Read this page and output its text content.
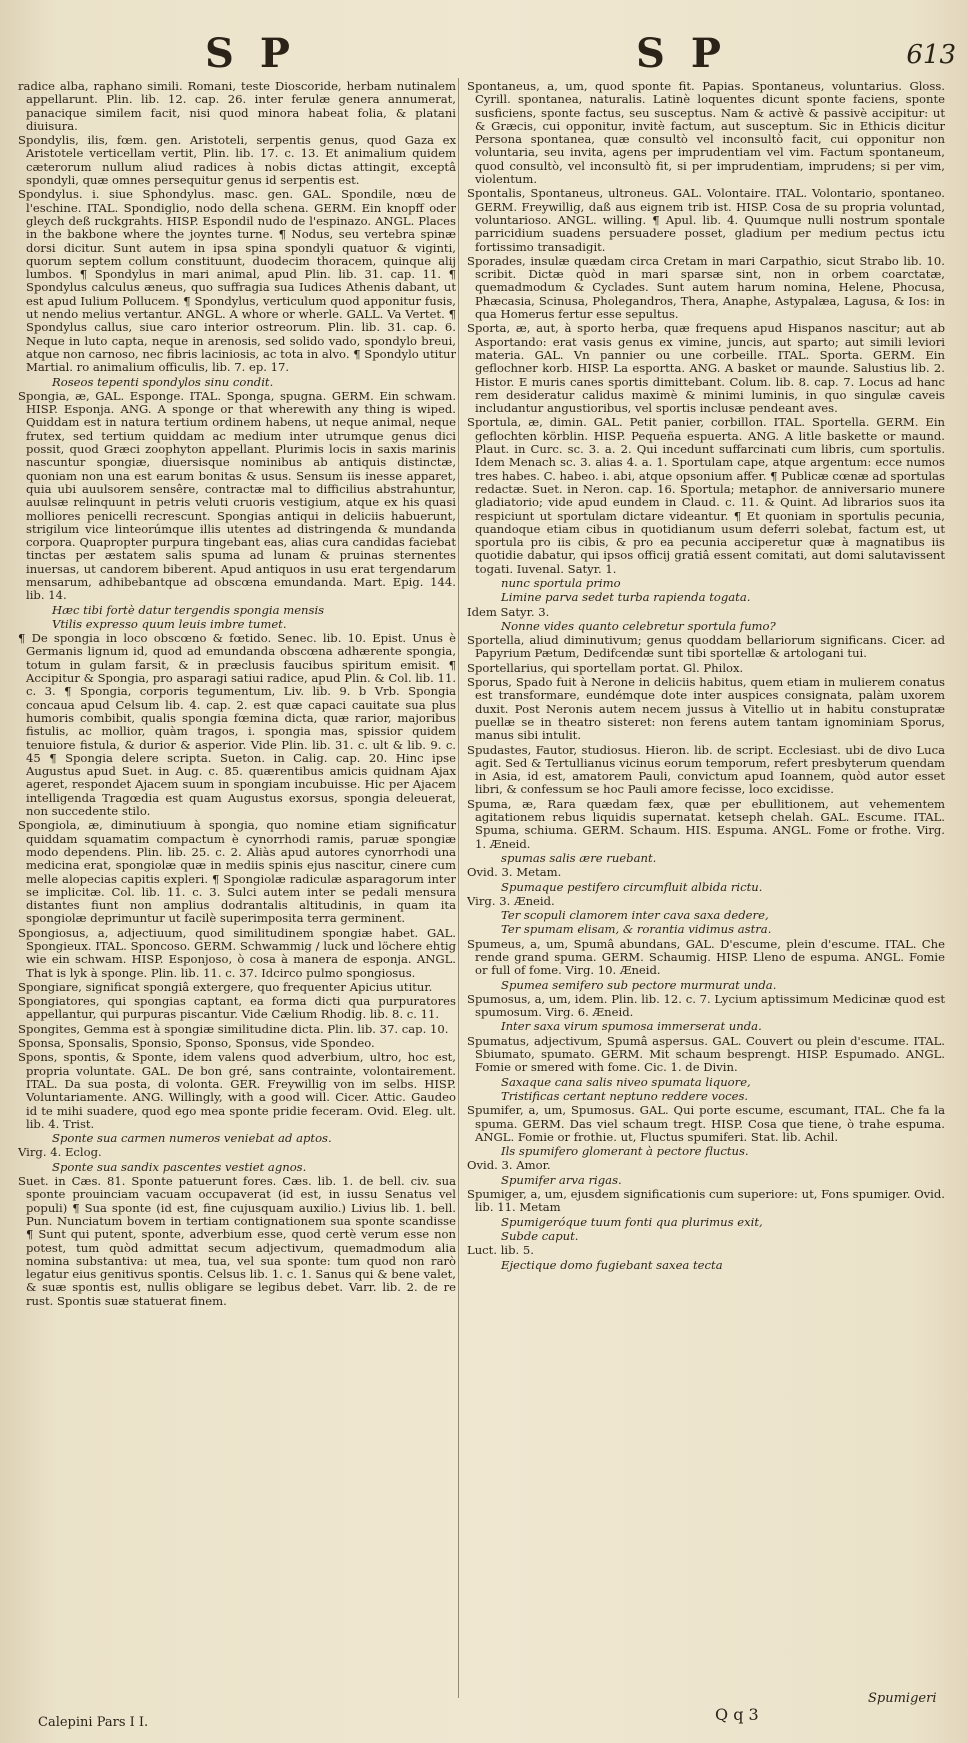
S P	S P	613
radice alba, raphano simili. Romani, teste Dioscoride, herbam nutinalem appellarunt. Plin. lib. 12. cap. 26. inter ferulæ genera annumerat, panacique similem facit, nisi quod minora habeat folia, & platani diuisura.
Spondylis, ilis, fœm. gen. Aristoteli, serpentis genus, quod Gaza ex Aristotele verticellam vertit, Plin. lib. 17. c. 13. Et animalium quidem cæterorum nullum aliud radices à nobis dictas attingit, exceptâ spondyli, quæ omnes persequitur genus id serpentis est.
Spondylus. i. siue Sphondylus. masc. gen. GAL. Spondile, nœu de l'eschine. ITAL. Spondiglio, nodo della schena. GERM. Ein knopff oder gleych deß ruckgrahts. HISP. Espondil nudo de l'espinazo. ANGL. Places in the bakbone where the joyntes turne. ¶ Nodus, seu vertebra spinæ dorsi dicitur. Sunt autem in ipsa spina spondyli quatuor & viginti, quorum septem collum constituunt, duodecim thoracem, quinque alij lumbos. ¶ Spondylus in mari animal, apud Plin. lib. 31. cap. 11. ¶ Spondylus calculus æneus, quo suffragia sua Iudices Athenis dabant, ut est apud Iulium Pollucem. ¶ Spondylus, verticulum quod apponitur fusis, ut nendo melius vertantur. ANGL. A whore or wherle. GALL. Va Vertet. ¶ Spondylus callus, siue caro interior ostreorum. Plin. lib. 31. cap. 6. Neque in luto capta, neque in arenosis, sed solido vado, spondylo breui, atque non carnoso, nec fibris laciniosis, ac tota in alvo. ¶ Spondylo utitur Martial. ro animalium officulis, lib. 7. ep. 17.
Roseos tepenti spondylos sinu condit.
Spongia, æ, GAL. Esponge. ITAL. Sponga, spugna. GERM. Ein schwam. HISP. Esponja. ANG. A sponge or that wherewith any thing is wiped. Quiddam est in natura tertium ordinem habens, ut neque animal, neque frutex, sed tertium quiddam ac medium inter utrumque genus dici possit, quod Græci zoophyton appellant. Plurimis locis in saxis marinis nascuntur spongiæ, diuersisque nominibus ab antiquis distinctæ, quoniam non una est earum bonitas & usus. Sensum iis inesse apparet, quia ubi auulsorem sensêre, contractæ mal to difficilius abstrahuntur, auulsæ relinquunt in petris veluti cruoris vestigium, atque ex his quasi molliores penicelli recrescunt. Spongias antiqui in deliciis habuerunt, strigilum vice linteorúmque illis utentes ad distringenda & mundanda corpora. Quapropter purpura tingebant eas, alias cura candidas faciebat tinctas per æstatem salis spuma ad lunam & pruinas sternentes inuersas, ut candorem biberent. Apud antiquos in usu erat tergendarum mensarum, adhibebantque ad obscœna emundanda. Mart. Epig. 144. lib. 14.
Hæc tibi fortè datur tergendis spongia mensis
Vtilis expresso quum leuis imbre tumet.
¶ De spongia in loco obscœno & fœtido. Senec. lib. 10. Epist. Unus è Germanis lignum id, quod ad emundanda obscœna adhærente spongia, totum in gulam farsit, & in præclusis faucibus spiritum emisit. ¶ Accipitur & Spongia, pro asparagi satiui radice, apud Plin. & Col. lib. 11. c. 3. ¶ Spongia, corporis tegumentum, Liv. lib. 9. b Vrb. Spongia concaua apud Celsum lib. 4. cap. 2. est quæ capaci cauitate sua plus humoris combibit, qualis spongia fœmina dicta, quæ rarior, majoribus fistulis, ac mollior, quàm tragos, i. spongia mas, spissior quidem tenuiore fistula, & durior & asperior. Vide Plin. lib. 31. c. ult & lib. 9. c. 45 ¶ Spongia delere scripta. Sueton. in Calig. cap. 20. Hinc ipse Augustus apud Suet. in Aug. c. 85. quærentibus amicis quidnam Ajax ageret, respondet Ajacem suum in spongiam incubuisse. Hic per Ajacem intelligenda Tragœdia est quam Augustus exorsus, spongia deleuerat, non succedente stilo.
Spongiola, æ, diminutiuum à spongia, quo nomine etiam significatur quiddam squamatim compactum è cynorrhodi ramis, paruæ spongiæ modo dependens. Plin. lib. 25. c. 2. Aliàs apud autores cynorrhodi una medicina erat, spongiolæ quæ in mediis spinis ejus nascitur, cinere cum melle alopecias capitis expleri. ¶ Spongiolæ radiculæ asparagorum inter se implicitæ. Col. lib. 11. c. 3. Sulci autem inter se pedali mensura distantes fiunt non amplius dodrantalis altitudinis, in quam ita spongiolæ deprimuntur ut facilè superimposita terra germinent.
Spongiosus, a, adjectiuum, quod similitudinem spongiæ habet. GAL. Spongieux. ITAL. Sponcoso. GERM. Schwammig / luck und löchere ehtig wie ein schwam. HISP. Esponjoso, ò cosa à manera de esponja. ANGL. That is lyk à sponge. Plin. lib. 11. c. 37. Idcirco pulmo spongiosus.
Spongiare, significat spongiâ extergere, quo frequenter Apicius utitur.
Spongiatores, qui spongias captant, ea forma dicti qua purpuratores appellantur, qui purpuras piscantur. Vide Cælium Rhodig. lib. 8. c. 11.
Spongites, Gemma est à spongiæ similitudine dicta. Plin. lib. 37. cap. 10.
Sponsa, Sponsalis, Sponsio, Sponso, Sponsus, vide Spondeo.
Spons, spontis, & Sponte, idem valens quod adverbium, ultro, hoc est, propria voluntate. GAL. De bon gré, sans contrainte, volontairement. ITAL. Da sua posta, di volonta. GER. Freywillig von im selbs. HISP. Voluntariamente. ANG. Willingly, with a good will. Cicer. Attic. Gaudeo id te mihi suadere, quod ego mea sponte pridie feceram. Ovid. Eleg. ult. lib. 4. Trist.
Sponte sua carmen numeros veniebat ad aptos.
Virg. 4. Eclog.
Sponte sua sandix pascentes vestiet agnos.
Suet. in Cæs. 81. Sponte patuerunt fores. Cæs. lib. 1. de bell. civ. sua sponte prouinciam vacuam occupaverat (id est, in iussu Senatus vel populi) ¶ Sua sponte (id est, fine cujusquam auxilio.) Livius lib. 1. bell. Pun. Nunciatum bovem in tertiam contignationem sua sponte scandisse ¶ Sunt qui putent, sponte, adverbium esse, quod certè verum esse non potest, tum quòd admittat secum adjectivum, quemadmodum alia nomina substantiva: ut mea, tua, vel sua sponte: tum quod non rarò legatur eius genitivus spontis. Celsus lib. 1. c. 1. Sanus qui & bene valet, & suæ spontis est, nullis obligare se legibus debet. Varr. lib. 2. de re rust. Spontis suæ statuerat finem.
Spontaneus, a, um, quod sponte fit. Papias. Spontaneus, voluntarius. Gloss. Cyrill. spontanea, naturalis. Latinè loquentes dicunt sponte faciens, sponte susficiens, sponte factus, seu susceptus. Nam & activè & passivè accipitur: ut & Græcis, cui opponitur, invitè factum, aut susceptum. Sic in Ethicis dicitur Persona spontanea, quæ consultò vel inconsultò facit, cui opponitur non voluntaria, seu invita, agens per imprudentiam vel vim. Factum spontaneum, quod consultò, vel inconsultò fit, si per imprudentiam, imprudens; si per vim, violentum.
Spontalis, Spontaneus, ultroneus. GAL. Volontaire. ITAL. Volontario, spontaneo. GERM. Freywillig, daß aus eignem trib ist. HISP. Cosa de su propria voluntad, voluntarioso. ANGL. willing. ¶ Apul. lib. 4. Quumque nulli nostrum spontale parricidium suadens persuadere posset, gladium per medium pectus ictu fortissimo transadigit.
Sporades, insulæ quædam circa Cretam in mari Carpathio, sicut Strabo lib. 10. scribit. Dictæ quòd in mari sparsæ sint, non in orbem coarctatæ, quemadmodum & Cyclades. Sunt autem harum nomina, Helene, Phocusa, Phæcasia, Scinusa, Pholegandros, Thera, Anaphe, Astypalæa, Lagusa, & Ios: in qua Homerus fertur esse sepultus.
Sporta, æ, aut, à sporto herba, quæ frequens apud Hispanos nascitur; aut ab Asportando: erat vasis genus ex vimine, juncis, aut sparto; aut simili leviori materia. GAL. Vn pannier ou une corbeille. ITAL. Sporta. GERM. Ein geflochner korb. HISP. La esportta. ANG. A basket or maunde. Salustius lib. 2. Histor. E muris canes sportis dimittebant. Colum. lib. 8. cap. 7. Locus ad hanc rem desideratur calidus maximè & minimi luminis, in quo singulæ caveis includantur angustioribus, vel sportis inclusæ pendeant aves.
Sportula, æ, dimin. GAL. Petit panier, corbillon. ITAL. Sportella. GERM. Ein geflochten körblin. HISP. Pequeña espuerta. ANG. A litle baskette or maund. Plaut. in Curc. sc. 3. a. 2. Qui incedunt suffarcinati cum libris, cum sportulis. Idem Menach sc. 3. alias 4. a. 1. Sportulam cape, atque argentum: ecce numos tres habes. C. habeo. i. abi, atque opsonium affer. ¶ Publicæ cœnæ ad sportulas redactæ. Suet. in Neron. cap. 16. Sportula; metaphor. de anniversario munere gladiatorio; vide apud eundem in Claud. c. 11. & Quint. Ad librarios suos ita respiciunt ut sportulam dictare videantur. ¶ Et quoniam in sportulis pecunia, quandoque etiam cibus in quotidianum usum deferri solebat, factum est, ut sportula pro iis cibis, & pro ea pecunia acciperetur quæ à magnatibus iis quotidie dabatur, qui ipsos officij gratiâ essent comitati, aut domi salutavissent togati. Iuvenal. Satyr. 1.
nunc sportula primo
Limine parva sedet turba rapienda togata.
Idem Satyr. 3.
Nonne vides quanto celebretur sportula fumo?
Sportella, aliud diminutivum; genus quoddam bellariorum significans. Cicer. ad Papyrium Pætum, Dedifcendæ sunt tibi sportellæ & artologani tui.
Sportellarius, qui sportellam portat. Gl. Philox.
Sporus, Spado fuit à Nerone in deliciis habitus, quem etiam in mulierem conatus est transformare, eundémque dote inter auspices consignata, palàm uxorem duxit. Post Neronis autem necem jussus à Vitellio ut in habitu constupratæ puellæ se in theatro sisteret: non ferens autem tantam ignominiam Sporus, manus sibi intulit.
Spudastes, Fautor, studiosus. Hieron. lib. de script. Ecclesiast. ubi de divo Luca agit. Sed & Tertullianus vicinus eorum temporum, refert presbyterum quendam in Asia, id est, amatorem Pauli, convictum apud Ioannem, quòd autor esset libri, & confessum se hoc Pauli amore fecisse, loco excidisse.
Spuma, æ, Rara quædam fæx, quæ per ebullitionem, aut vehementem agitationem rebus liquidis supernatat. ketseph chelah. GAL. Escume. ITAL. Spuma, schiuma. GERM. Schaum. HIS. Espuma. ANGL. Fome or frothe. Virg. 1. Æneid.
spumas salis ære ruebant.
Ovid. 3. Metam.
Spumaque pestifero circumfluit albida rictu.
Virg. 3. Æneid.
Ter scopuli clamorem inter cava saxa dedere,
Ter spumam elisam, & rorantia vidimus astra.
Spumeus, a, um, Spumâ abundans, GAL. D'escume, plein d'escume. ITAL. Che rende grand spuma. GERM. Schaumig. HISP. Lleno de espuma. ANGL. Fomie or full of fome. Virg. 10. Æneid.
Spumea semifero sub pectore murmurat unda.
Spumosus, a, um, idem. Plin. lib. 12. c. 7. Lycium aptissimum Medicinæ quod est spumosum. Virg. 6. Æneid.
Inter saxa virum spumosa immerserat unda.
Spumatus, adjectivum, Spumâ aspersus. GAL. Couvert ou plein d'escume. ITAL. Sbiumato, spumato. GERM. Mit schaum besprengt. HISP. Espumado. ANGL. Fomie or smered with fome. Cic. 1. de Divin.
Saxaque cana salis niveo spumata liquore,
Tristificas certant neptuno reddere voces.
Spumifer, a, um, Spumosus. GAL. Qui porte escume, escumant, ITAL. Che fa la spuma. GERM. Das viel schaum tregt. HISP. Cosa que tiene, ò trahe espuma. ANGL. Fomie or frothie. ut, Fluctus spumiferi. Stat. lib. Achil.
Ils spumifero glomerant à pectore fluctus.
Ovid. 3. Amor.
Spumifer arva rigas.
Spumiger, a, um, ejusdem significationis cum superiore: ut, Fons spumiger. Ovid. lib. 11. Metam
Spumigeróque tuum fonti qua plurimus exit,
Subde caput.
Luct. lib. 5.
Ejectique domo fugiebant saxea tecta
Calepini Pars I I.	Q q 3
Spumigeri
